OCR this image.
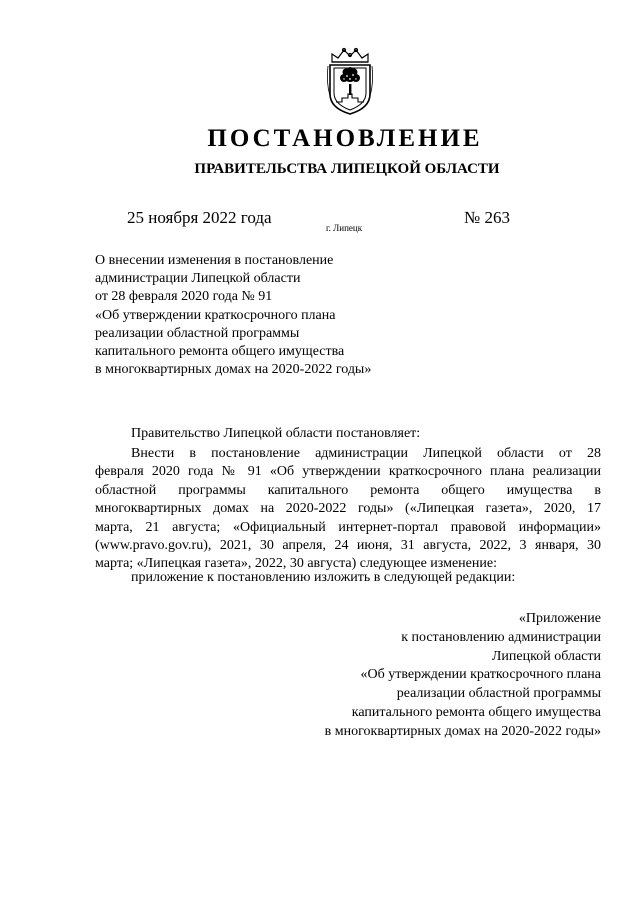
ПОСТАНОВЛЕНИЕ
ПРАВИТЕЛЬСТВА ЛИПЕЦКОЙ ОБЛАСТИ
25 ноября 2022 года
г. Липецк
№ 263
О внесении изменения в постановление
администрации Липецкой области
от 28 февраля 2020 года № 91
«Об утверждении краткосрочного плана
реализации областной программы
капитального ремонта общего имущества
в многоквартирных домах на 2020-2022 годы»
Правительство Липецкой области постановляет:
Внести в постановление администрации Липецкой области от 28
февраля 2020 года № 91 «Об утверждении краткосрочного плана реализации
областной программы капитального ремонта общего имущества в
многоквартирных домах на 2020-2022 годы» («Липецкая газета», 2020, 17
марта, 21 августа; «Официальный интернет-портал правовой информации»
(www.pravo.gov.ru), 2021, 30 апреля, 24 июня, 31 августа, 2022, 3 января, 30
марта; «Липецкая газета», 2022, 30 августа) следующее изменение:
приложение к постановлению изложить в следующей редакции:
«Приложение
к постановлению администрации
Липецкой области
«Об утверждении краткосрочного плана
реализации областной программы
капитального ремонта общего имущества
в многоквартирных домах на 2020-2022 годы»
